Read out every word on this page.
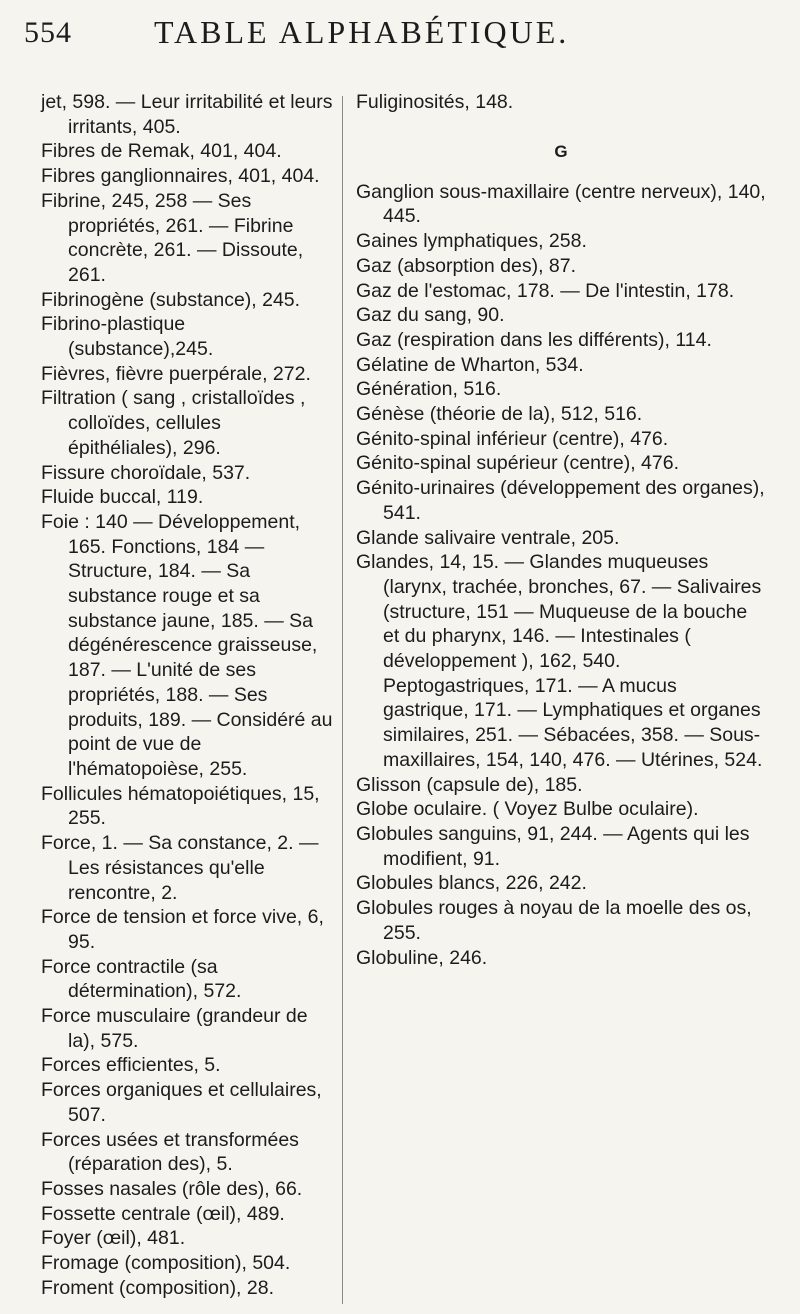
554	TABLE ALPHABÉTIQUE.

jet, 598. — Leur irritabilité et leurs irritants, 405.

Fibres de Remak, 401, 404.

Fibres ganglionnaires, 401, 404.

Fibrine, 245, 258 — Ses propriétés, 261. — Fibrine concrète, 261. — Dissoute, 261.

Fibrinogène (substance), 245.

Fibrino-plastique (substance),245.

Fièvres, fièvre puerpérale, 272.

Filtration ( sang , cristalloïdes , colloïdes, cellules épithéliales), 296.

Fissure choroïdale, 537.

Fluide buccal, 119.

Foie : 140 — Développement, 165. Fonctions, 184 — Structure, 184. — Sa substance rouge et sa substance jaune, 185. — Sa dégénérescence graisseuse, 187. — L'unité de ses propriétés, 188. — Ses produits, 189. — Considéré au point de vue de l'hématopoièse, 255.

Follicules hématopoiétiques, 15, 255.

Force, 1. — Sa constance, 2. — Les résistances qu'elle rencontre, 2.

Force de tension et force vive, 6, 95.

Force contractile (sa détermination), 572.

Force musculaire (grandeur de la), 575.

Forces efficientes, 5.

Forces organiques et cellulaires, 507.

Forces usées et transformées (réparation des), 5.

Fosses nasales (rôle des), 66.

Fossette centrale (œil), 489.

Foyer (œil), 481.

Fromage (composition), 504.

Froment (composition), 28.

Fuliginosités, 148.

G

Ganglion sous-maxillaire (centre nerveux), 140, 445.

Gaines lymphatiques, 258.

Gaz (absorption des), 87.

Gaz de l'estomac, 178. — De l'intestin, 178.

Gaz du sang, 90.

Gaz (respiration dans les différents), 114.

Gélatine de Wharton, 534.

Génération, 516.

Génèse (théorie de la), 512, 516.

Génito-spinal inférieur (centre), 476.

Génito-spinal supérieur (centre), 476.

Génito-urinaires (développement des organes), 541.

Glande salivaire ventrale, 205.

Glandes, 14, 15. — Glandes muqueuses (larynx, trachée, bronches, 67. — Salivaires (structure, 151 — Muqueuse de la bouche et du pharynx, 146. — Intestinales ( développement ), 162, 540. Peptogastriques, 171. — A mucus gastrique, 171. — Lymphatiques et organes similaires, 251. — Sébacées, 358. — Sous-maxillaires, 154, 140, 476. — Utérines, 524.

Glisson (capsule de), 185.

Globe oculaire. ( Voyez Bulbe oculaire).

Globules sanguins, 91, 244. — Agents qui les modifient, 91.

Globules blancs, 226, 242.

Globules rouges à noyau de la moelle des os, 255.

Globuline, 246.
